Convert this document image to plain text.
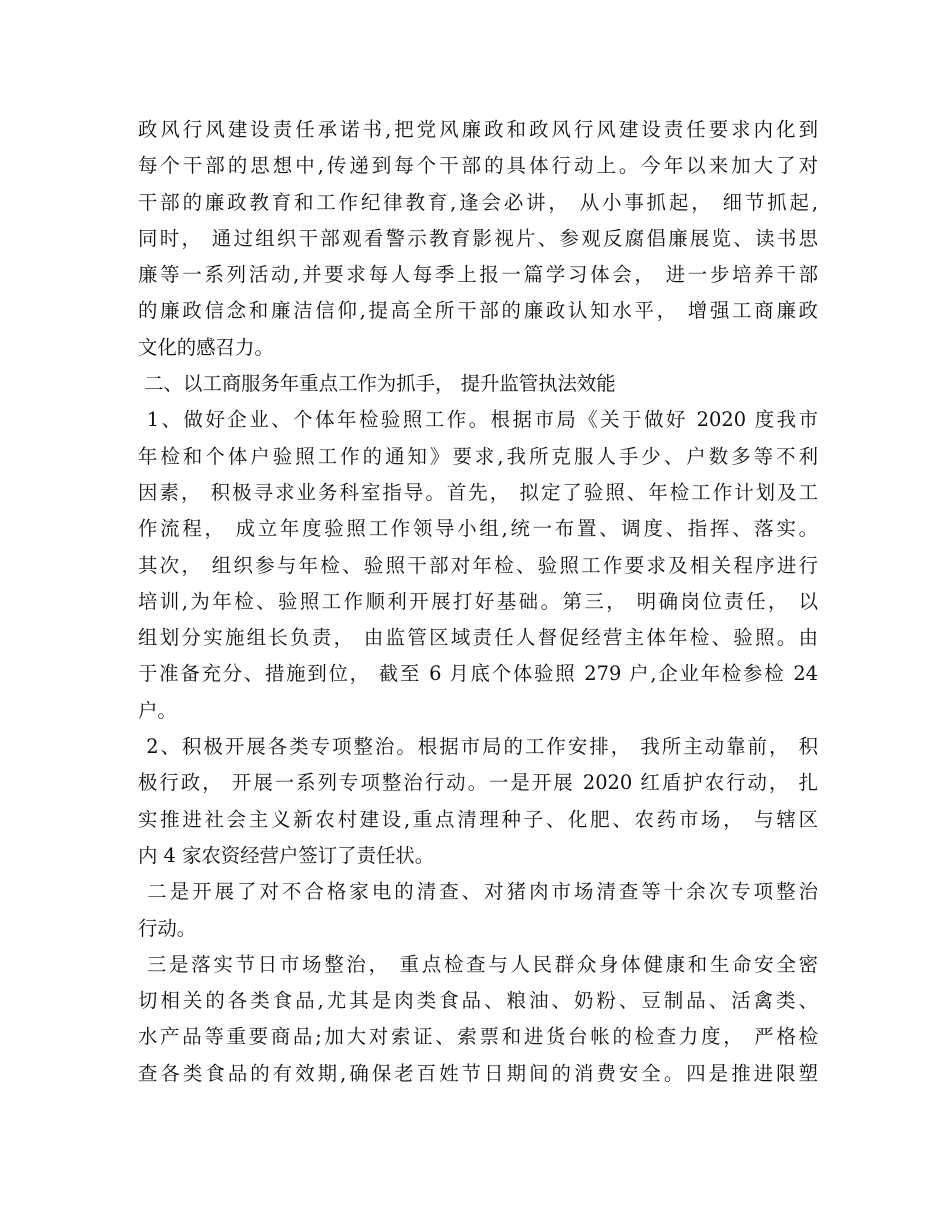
政风行风建设责任承诺书,把党风廉政和政风行风建设责任要求内化到
每个干部的思想中,传递到每个干部的具体行动上。今年以来加大了对
干部的廉政教育和工作纪律教育,逢会必讲， 从小事抓起， 细节抓起,
同时， 通过组织干部观看警示教育影视片、参观反腐倡廉展览、读书思
廉等一系列活动,并要求每人每季上报一篇学习体会， 进一步培养干部
的廉政信念和廉洁信仰,提高全所干部的廉政认知水平， 增强工商廉政
文化的感召力。
二、以工商服务年重点工作为抓手， 提升监管执法效能
1、做好企业、个体年检验照工作。根据市局《关于做好 2020 度我市
年检和个体户验照工作的通知》要求,我所克服人手少、户数多等不利
因素， 积极寻求业务科室指导。首先， 拟定了验照、年检工作计划及工
作流程， 成立年度验照工作领导小组,统一布置、调度、指挥、落实。
其次， 组织参与年检、验照干部对年检、验照工作要求及相关程序进行
培训,为年检、验照工作顺利开展打好基础。第三， 明确岗位责任， 以
组划分实施组长负责， 由监管区域责任人督促经营主体年检、验照。由
于准备充分、措施到位， 截至 6 月底个体验照 279 户,企业年检参检 24
户。
2、积极开展各类专项整治。根据市局的工作安排， 我所主动靠前， 积
极行政， 开展一系列专项整治行动。一是开展 2020 红盾护农行动， 扎
实推进社会主义新农村建设,重点清理种子、化肥、农药市场， 与辖区
内 4 家农资经营户签订了责任状。
二是开展了对不合格家电的清查、对猪肉市场清查等十余次专项整治
行动。
三是落实节日市场整治， 重点检查与人民群众身体健康和生命安全密
切相关的各类食品,尤其是肉类食品、粮油、奶粉、豆制品、活禽类、
水产品等重要商品;加大对索证、索票和进货台帐的检查力度， 严格检
查各类食品的有效期,确保老百姓节日期间的消费安全。四是推进限塑
